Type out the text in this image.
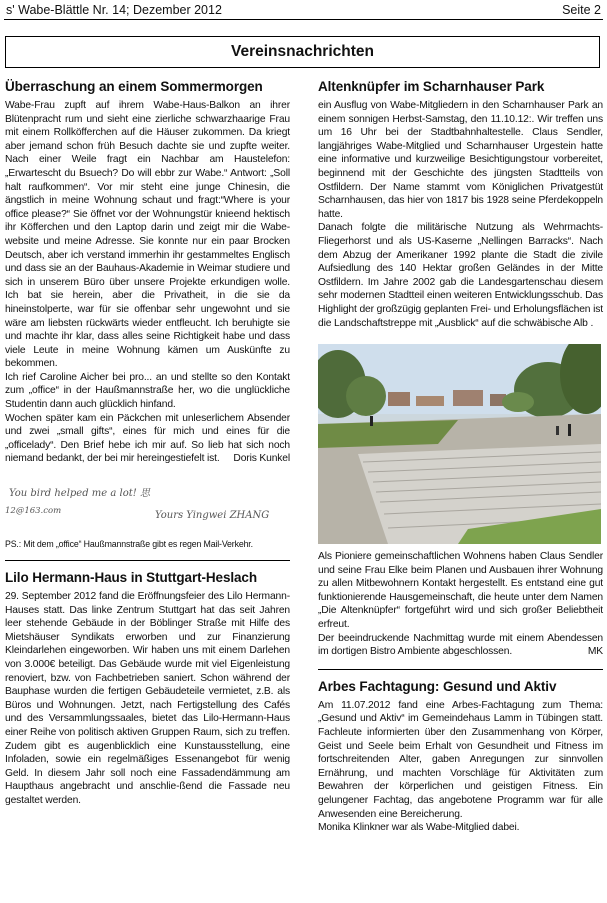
s' Wabe-Blättle Nr. 14; Dezember 2012	Seite 2
Vereinsnachrichten
Überraschung an einem Sommermorgen

Wabe-Frau zupft auf ihrem Wabe-Haus-Balkon an ihrer Blütenpracht rum und sieht eine zierliche schwarzhaarige Frau mit einem Rollköfferchen auf die Häuser zukommen. Da kriegt aber jemand schon früh Besuch dachte sie und zupfte weiter. Nach einer Weile fragt ein Nachbar am Haustelefon:„Erwartescht du Bsuech? Do will ebbr zur Wabe.“ Antwort: „Soll halt raufkommen“. Vor mir steht eine junge Chinesin, die ängstlich in meine Wohnung schaut und fragt:“Where is your office please?“ Sie öffnet vor der Wohnungstür knieend hektisch ihr Köfferchen und den Laptop darin und zeigt mir die Wabe-website und meine Adresse. Sie konnte nur ein paar Brocken Deutsch, aber ich verstand immerhin ihr gestammeltes Englisch und dass sie an der Bauhaus-Akademie in Weimar studiere und sich in unserem Büro über unsere Projekte erkundigen wolle. Ich bat sie herein, aber die Privatheit, in die sie da hineinstolperte, war für sie offenbar sehr ungewohnt und sie wäre am liebsten rückwärts wieder entfleucht. Ich beruhigte sie und machte ihr klar, dass alles seine Richtigkeit habe und dass viele Leute in meine Wohnung kämen um Auskünfte zu bekommen.

Ich rief Caroline Aicher bei pro... an und stellte so den Kontakt zum „office“ in der Haußmannstraße her, wo die unglückliche Studentin dann auch glücklich hinfand.

Wochen später kam ein Päckchen mit unleserlichem Absender und zwei „small gifts“, eines für mich und eines für die „officelady“. Den Brief hebe ich mir auf. So lieb hat sich noch niemand bedankt, der bei mir hereingestiefelt ist. Doris Kunkel

You bird helped me a lot! 思
12@163.com	Yours Yingwei ZHANG

PS.: Mit dem „office“ Haußmannstraße gibt es regen Mail-Verkehr.

Lilo Hermann-Haus in Stuttgart-Heslach

29. September 2012 fand die Eröffnungsfeier des Lilo Hermann-Hauses statt. Das linke Zentrum Stuttgart hat das seit Jahren leer stehende Gebäude in der Böblinger Straße mit Hilfe des Mietshäuser Syndikats erworben und zur Finanzierung Kleindarlehen eingeworben. Wir haben uns mit einem Darlehen von 3.000€ beteiligt. Das Gebäude wurde mit viel Eigenleistung renoviert, bzw. von Fachbetrieben saniert. Schon während der Bauphase wurden die fertigen Gebäudeteile vermietet, z.B. als Büros und Wohnungen. Jetzt, nach Fertigstellung des Cafés und des Versammlungssaales, bietet das Lilo-Hermann-Haus einer Reihe von politisch aktiven Gruppen Raum, sich zu treffen. Zudem gibt es augenblicklich eine Kunstausstellung, eine Infoladen, sowie ein regelmäßiges Essenangebot für wenig Geld. In diesem Jahr soll noch eine Fassadendämmung am Haupthaus angebracht und anschlie-ßend die Fassade neu gestaltet werden.

Altenknüpfer im Scharnhauser Park

ein Ausflug von Wabe-Mitgliedern in den Scharnhauser Park an einem sonnigen Herbst-Samstag, den 11.10.12:. Wir treffen uns um 16 Uhr bei der Stadtbahnhaltestelle. Claus Sendler, langjähriges Wabe-Mitglied und Scharnhauser Urgestein hatte eine informative und kurzweilige Besichtigungstour vorbereitet, beginnend mit der Geschichte des jüngsten Stadtteils von Ostfildern. Der Name stammt vom Königlichen Privatgestüt Scharnhausen, das hier von 1817 bis 1928 seine Pferdekoppeln hatte.

Danach folgte die militärische Nutzung als Wehrmachts-Fliegerhorst und als US-Kaserne „Nellingen Barracks“. Nach dem Abzug der Amerikaner 1992 plante die Stadt die zivile Aufsiedlung des 140 Hektar großen Geländes in der Mitte Ostfildern. Im Jahre 2002 gab die Landesgartenschau diesem sehr modernen Stadtteil einen weiteren Entwicklungsschub. Das Highlight der großzügig geplanten Frei- und Erholungsflächen ist die Landschaftstreppe mit „Ausblick“ auf die schwäbische Alb .

Als Pioniere gemeinschaftlichen Wohnens haben Claus Sendler und seine Frau Elke beim Planen und Ausbauen ihrer Wohnung zu allen Mitbewohnern Kontakt hergestellt. Es entstand eine gut funktionierende Hausgemeinschaft, die heute unter dem Namen „Die Altenknüpfer“ fortgeführt wird und sich großer Beliebtheit erfreut.

Der beeindruckende Nachmittag wurde mit einem Abendessen im dortigen Bistro Ambiente abgeschlossen.	MK

Arbes Fachtagung: Gesund und Aktiv

Am 11.07.2012 fand eine Arbes-Fachtagung zum Thema: „Gesund und Aktiv“ im Gemeindehaus Lamm in Tübingen statt. Fachleute informierten über den Zusammenhang von Körper, Geist und Seele beim Erhalt von Gesundheit und Fitness im fortschreitenden Alter, gaben Anregungen zur sinnvollen Ernährung, und machten Vorschläge für Aktivitäten zum Bewahren der körperlichen und geistigen Fitness. Ein gelungener Fachtag, das angebotene Programm war für alle Anwesenden eine Bereicherung.

Monika Klinkner war als Wabe-Mitglied dabei.
